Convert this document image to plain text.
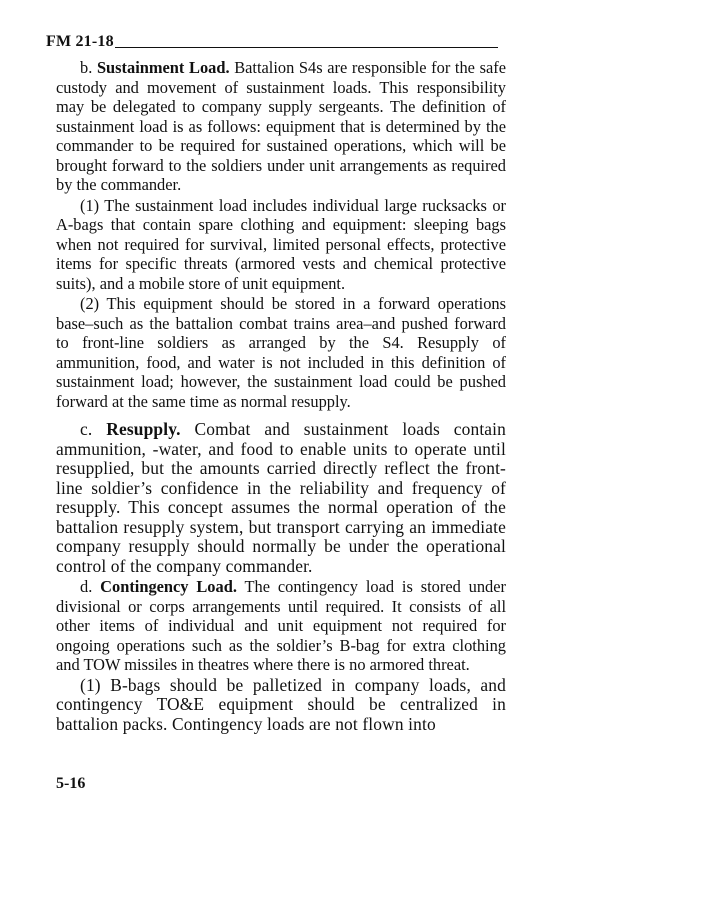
FM 21-18

b. Sustainment Load. Battalion S4s are responsible for the safe custody and movement of sustainment loads. This responsibility may be delegated to company supply sergeants. The definition of sustainment load is as follows: equipment that is determined by the commander to be required for sustained operations, which will be brought forward to the soldiers under unit arrangements as required by the commander.

(1) The sustainment load includes individual large rucksacks or A-bags that contain spare clothing and equipment: sleeping bags when not required for survival, limited personal effects, protective items for specific threats (armored vests and chemical protective suits), and a mobile store of unit equipment.

(2) This equipment should be stored in a forward operations base–such as the battalion combat trains area–and pushed forward to front-line soldiers as arranged by the S4. Resupply of ammunition, food, and water is not included in this definition of sustainment load; however, the sustainment load could be pushed forward at the same time as normal resupply.

c. Resupply. Combat and sustainment loads contain ammunition, -water, and food to enable units to operate until resupplied, but the amounts carried directly reflect the front-line soldier’s confidence in the reliability and frequency of resupply. This concept assumes the normal operation of the battalion resupply system, but transport carrying an immediate company resupply should normally be under the operational control of the company commander.

d. Contingency Load. The contingency load is stored under divisional or corps arrangements until required. It consists of all other items of individual and unit equipment not required for ongoing operations such as the soldier’s B-bag for extra clothing and TOW missiles in theatres where there is no armored threat.

(1) B-bags should be palletized in company loads, and contingency TO&E equipment should be centralized in battalion packs. Contingency loads are not flown into

5-16
